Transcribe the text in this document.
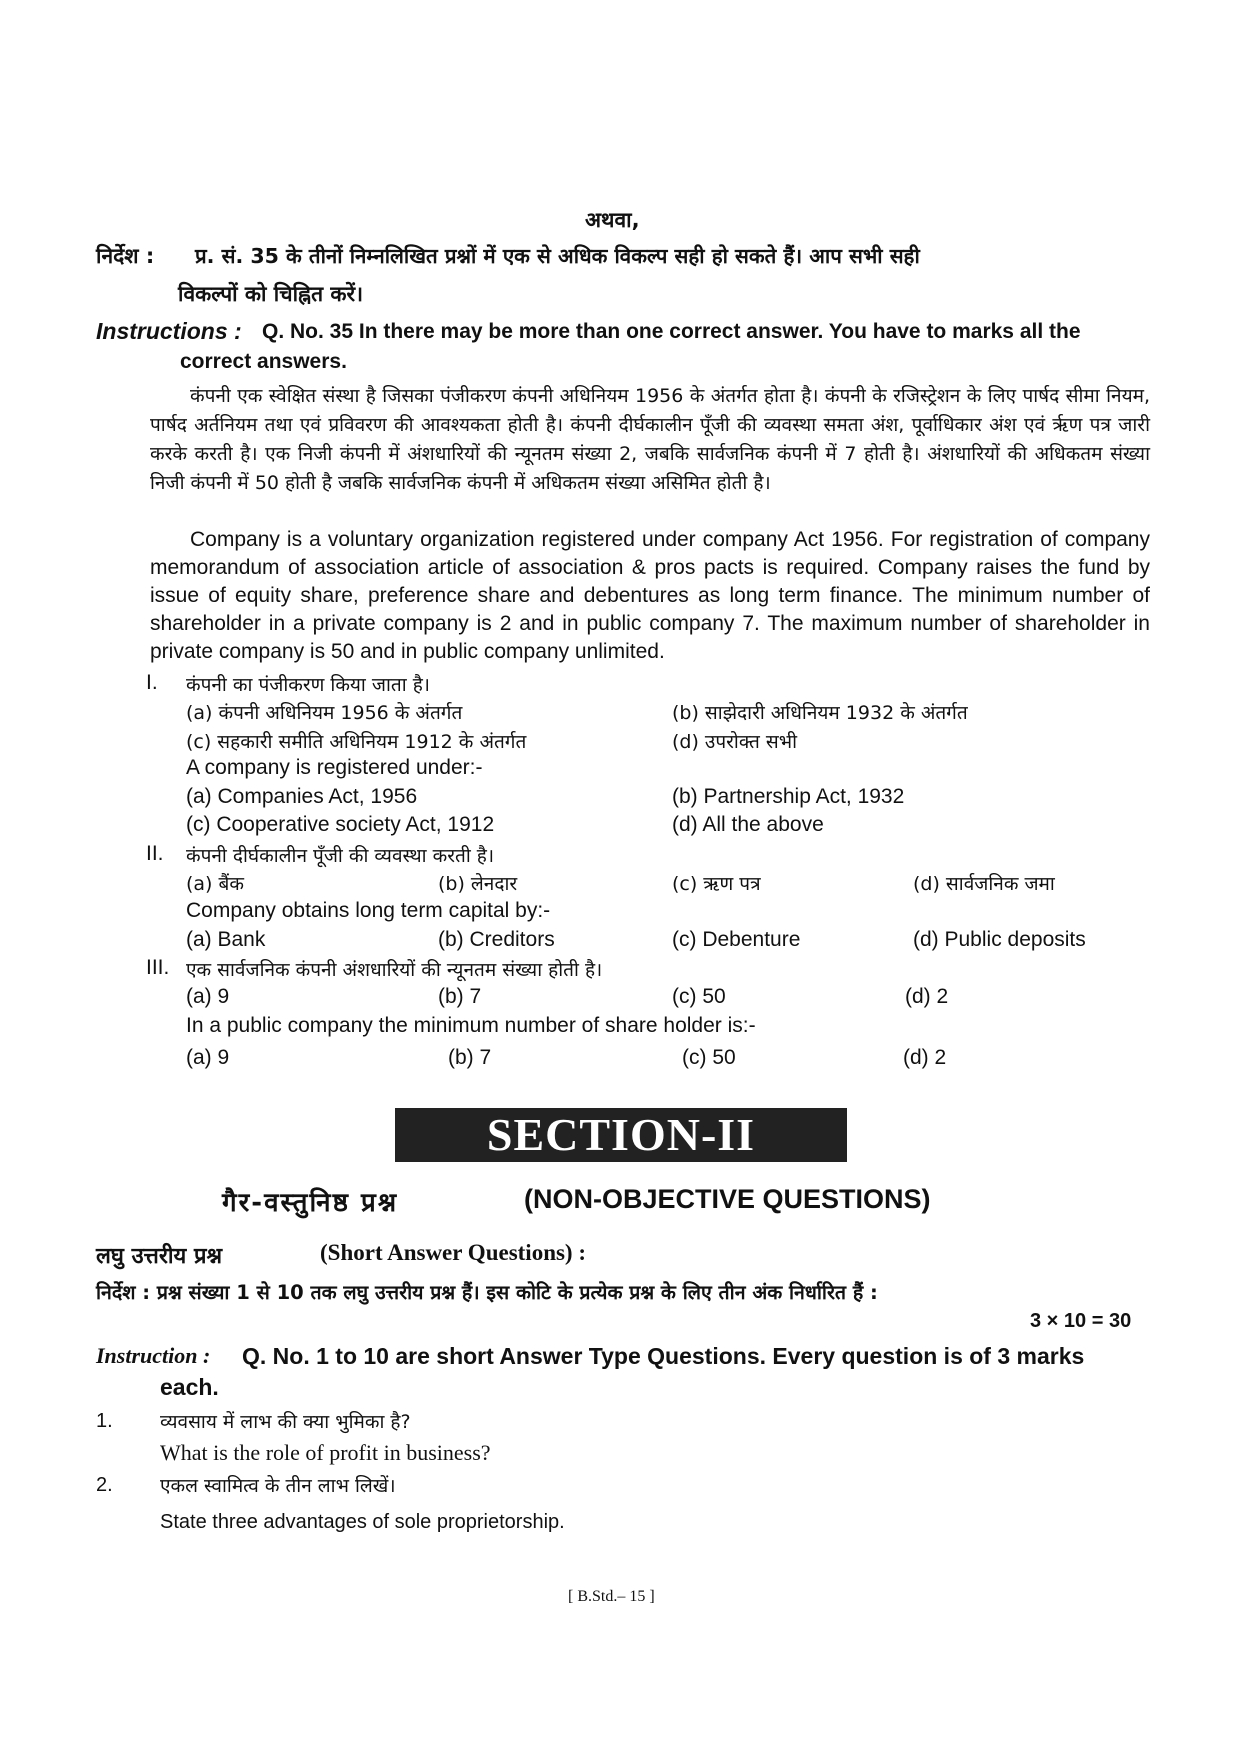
अथवा,
निर्देश : प्र. सं. 35 के तीनों निम्नलिखित प्रश्नों में एक से अधिक विकल्प सही हो सकते हैं। आप सभी सही
विकल्पों को चिह्नित करें।
Instructions : Q. No. 35 In there may be more than one correct answer. You have to marks all the
correct answers.

कंपनी एक स्वेक्षित संस्था है जिसका पंजीकरण कंपनी अधिनियम 1956 के अंतर्गत होता है। कंपनी के रजिस्ट्रेशन के लिए पार्षद सीमा नियम, पार्षद अर्तनियम तथा एवं प्रविवरण की आवश्यकता होती है। कंपनी दीर्घकालीन पूँजी की व्यवस्था समता अंश, पूर्वाधिकार अंश एवं ऋृण पत्र जारी करके करती है। एक निजी कंपनी में अंशधारियों की न्यूनतम संख्या 2, जबकि सार्वजनिक कंपनी में 7 होती है। अंशधारियों की अधिकतम संख्या निजी कंपनी में 50 होती है जबकि सार्वजनिक कंपनी में अधिकतम संख्या असिमित होती है।

Company is a voluntary organization registered under company Act 1956. For registration of company memorandum of association article of association & pros pacts is required. Company raises the fund by issue of equity share, preference share and debentures as long term finance. The minimum number of shareholder in a private company is 2 and in public company 7. The maximum number of shareholder in private company is 50 and in public company unlimited.

I. कंपनी का पंजीकरण किया जाता है।
(a) कंपनी अधिनियम 1956 के अंतर्गत	(b) साझेदारी अधिनियम 1932 के अंतर्गत
(c) सहकारी समीति अधिनियम 1912 के अंतर्गत	(d) उपरोक्त सभी
A company is registered under:-
(a) Companies Act, 1956	(b) Partnership Act, 1932
(c) Cooperative society Act, 1912	(d) All the above
II. कंपनी दीर्घकालीन पूँजी की व्यवस्था करती है।
(a) बैंक	(b) लेनदार	(c) ऋण पत्र	(d) सार्वजनिक जमा
Company obtains long term capital by:-
(a) Bank	(b) Creditors	(c) Debenture	(d) Public deposits
III. एक सार्वजनिक कंपनी अंशधारियों की न्यूनतम संख्या होती है।
(a) 9	(b) 7	(c) 50	(d) 2
In a public company the minimum number of share holder is:-
(a) 9	(b) 7	(c) 50	(d) 2
SECTION-II
गैर-वस्तुनिष्ठ प्रश्न	(NON-OBJECTIVE QUESTIONS)
लघु उत्तरीय प्रश्न	(Short Answer Questions) :
निर्देश : प्रश्न संख्या 1 से 10 तक लघु उत्तरीय प्रश्न हैं। इस कोटि के प्रत्येक प्रश्न के लिए तीन अंक निर्धारित हैं :
3 × 10 = 30
Instruction : Q. No. 1 to 10 are short Answer Type Questions. Every question is of 3 marks
each.
1. व्यवसाय में लाभ की क्या भुमिका है?
What is the role of profit in business?
2. एकल स्वामित्व के तीन लाभ लिखें।
State three advantages of sole proprietorship.
[ B.Std.– 15 ]
